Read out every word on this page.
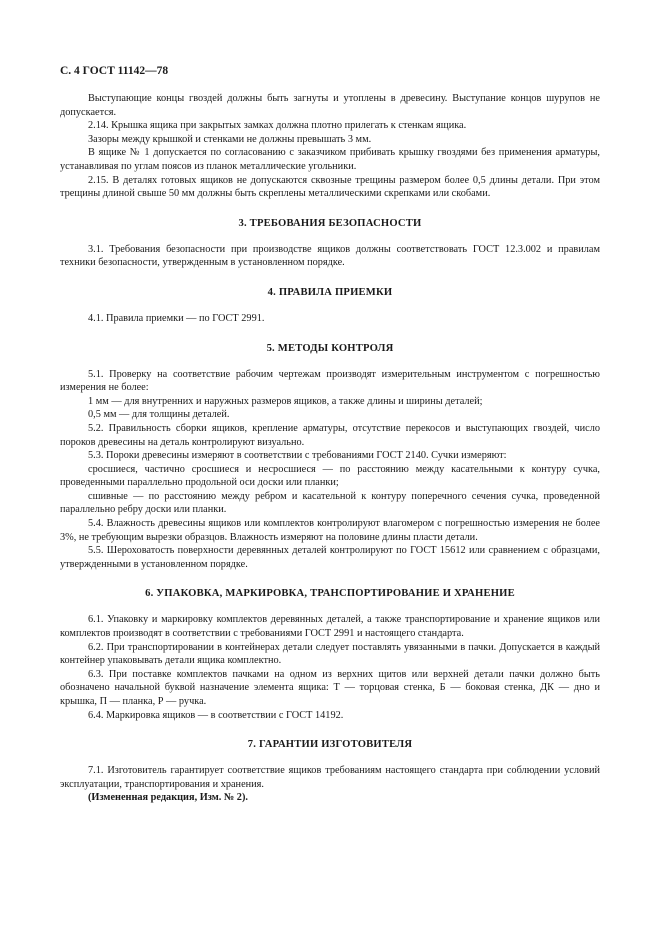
С. 4 ГОСТ 11142—78

Выступающие концы гвоздей должны быть загнуты и утоплены в древесину. Выступание концов шурупов не допускается.

2.14. Крышка ящика при закрытых замках должна плотно прилегать к стенкам ящика.

Зазоры между крышкой и стенками не должны превышать 3 мм.

В ящике № 1 допускается по согласованию с заказчиком прибивать крышку гвоздями без применения арматуры, устанавливая по углам поясов из планок металлические угольники.

2.15. В деталях готовых ящиков не допускаются сквозные трещины размером более 0,5 длины детали. При этом трещины длиной свыше 50 мм должны быть скреплены металлическими скрепками или скобами.

3. ТРЕБОВАНИЯ БЕЗОПАСНОСТИ

3.1. Требования безопасности при производстве ящиков должны соответствовать ГОСТ 12.3.002 и правилам техники безопасности, утвержденным в установленном порядке.

4. ПРАВИЛА ПРИЕМКИ

4.1. Правила приемки — по ГОСТ 2991.

5. МЕТОДЫ КОНТРОЛЯ

5.1. Проверку на соответствие рабочим чертежам производят измерительным инструментом с погрешностью измерения не более:

1 мм — для внутренних и наружных размеров ящиков, а также длины и ширины деталей;

0,5 мм — для толщины деталей.

5.2. Правильность сборки ящиков, крепление арматуры, отсутствие перекосов и выступающих гвоздей, число пороков древесины на деталь контролируют визуально.

5.3. Пороки древесины измеряют в соответствии с требованиями ГОСТ 2140. Сучки измеряют:

сросшиеся, частично сросшиеся и несросшиеся — по расстоянию между касательными к контуру сучка, проведенными параллельно продольной оси доски или планки;

сшивные — по расстоянию между ребром и касательной к контуру поперечного сечения сучка, проведенной параллельно ребру доски или планки.

5.4. Влажность древесины ящиков или комплектов контролируют влагомером с погрешностью измерения не более 3%, не требующим вырезки образцов. Влажность измеряют на половине длины пласти детали.

5.5. Шероховатость поверхности деревянных деталей контролируют по ГОСТ 15612 или сравнением с образцами, утвержденными в установленном порядке.

6. УПАКОВКА, МАРКИРОВКА, ТРАНСПОРТИРОВАНИЕ И ХРАНЕНИЕ

6.1. Упаковку и маркировку комплектов деревянных деталей, а также транспортирование и хранение ящиков или комплектов производят в соответствии с требованиями ГОСТ 2991 и настоящего стандарта.

6.2. При транспортировании в контейнерах детали следует поставлять увязанными в пачки. Допускается в каждый контейнер упаковывать детали ящика комплектно.

6.3. При поставке комплектов пачками на одном из верхних щитов или верхней детали пачки должно быть обозначено начальной буквой назначение элемента ящика: Т — торцовая стенка, Б — боковая стенка, ДК — дно и крышка, П — планка, Р — ручка.

6.4. Маркировка ящиков — в соответствии с ГОСТ 14192.

7. ГАРАНТИИ ИЗГОТОВИТЕЛЯ

7.1. Изготовитель гарантирует соответствие ящиков требованиям настоящего стандарта при соблюдении условий эксплуатации, транспортирования и хранения.

(Измененная редакция, Изм. № 2).
